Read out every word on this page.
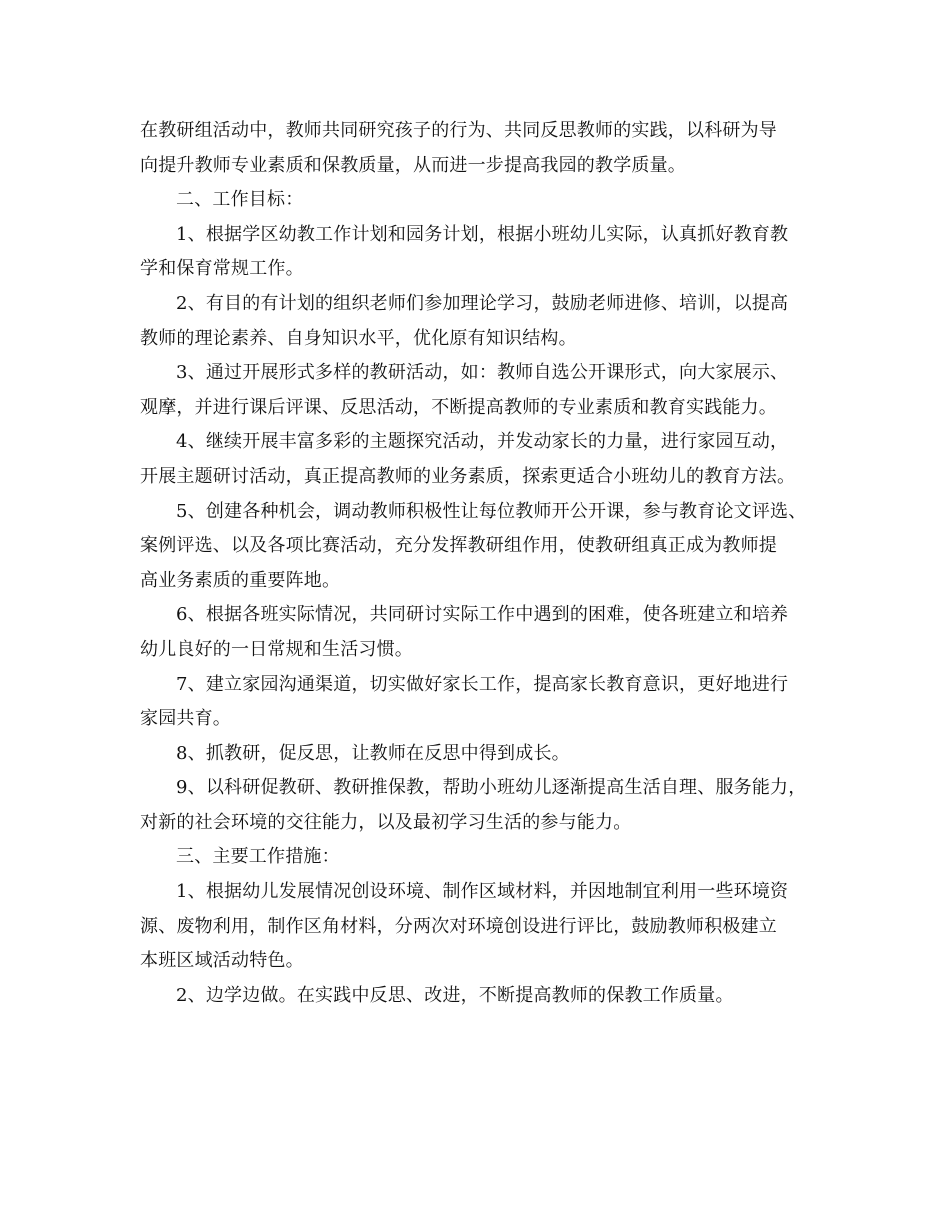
在教研组活动中，教师共同研究孩子的行为、共同反思教师的实践，以科研为导
向提升教师专业素质和保教质量，从而进一步提高我园的教学质量。
二、工作目标：
1、根据学区幼教工作计划和园务计划，根据小班幼儿实际，认真抓好教育教
学和保育常规工作。
2、有目的有计划的组织老师们参加理论学习，鼓励老师进修、培训，以提高
教师的理论素养、自身知识水平，优化原有知识结构。
3、通过开展形式多样的教研活动，如：教师自选公开课形式，向大家展示、
观摩，并进行课后评课、反思活动，不断提高教师的专业素质和教育实践能力。
4、继续开展丰富多彩的主题探究活动，并发动家长的力量，进行家园互动，
开展主题研讨活动，真正提高教师的业务素质，探索更适合小班幼儿的教育方法。
5、创建各种机会，调动教师积极性让每位教师开公开课，参与教育论文评选、
案例评选、以及各项比赛活动，充分发挥教研组作用，使教研组真正成为教师提
高业务素质的重要阵地。
6、根据各班实际情况，共同研讨实际工作中遇到的困难，使各班建立和培养
幼儿良好的一日常规和生活习惯。
7、建立家园沟通渠道，切实做好家长工作，提高家长教育意识，更好地进行
家园共育。
8、抓教研，促反思，让教师在反思中得到成长。
9、以科研促教研、教研推保教，帮助小班幼儿逐渐提高生活自理、服务能力，
对新的社会环境的交往能力，以及最初学习生活的参与能力。
三、主要工作措施：
1、根据幼儿发展情况创设环境、制作区域材料，并因地制宜利用一些环境资
源、废物利用，制作区角材料，分两次对环境创设进行评比，鼓励教师积极建立
本班区域活动特色。
2、边学边做。在实践中反思、改进，不断提高教师的保教工作质量。
